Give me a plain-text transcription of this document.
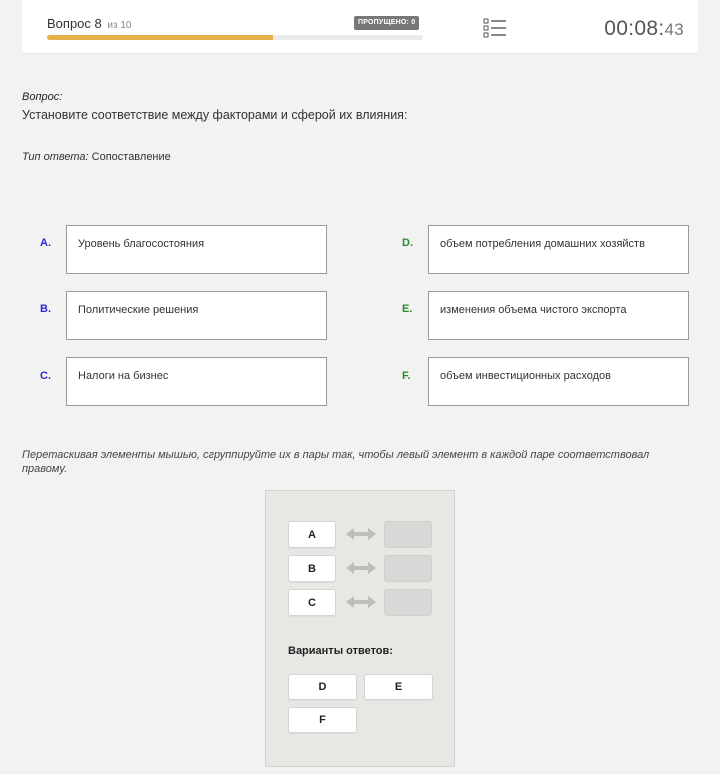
Вопрос 8 из 10	ПРОПУЩЕНО: 0	00:08:43
Вопрос:
Установите соответствие между факторами и сферой их влияния:
Тип ответа: Сопоставление
A.	Уровень благосостояния
B.	Политические решения
C.	Налоги на бизнес
D.	объем потребления домашних хозяйств
E.	изменения объема чистого экспорта
F.	объем инвестиционных расходов
Перетаскивая элементы мышью, сгруппируйте их в пары так, чтобы левый элемент в каждой паре соответствовал правому.
A
B
C
Варианты ответов:
D	E
F
